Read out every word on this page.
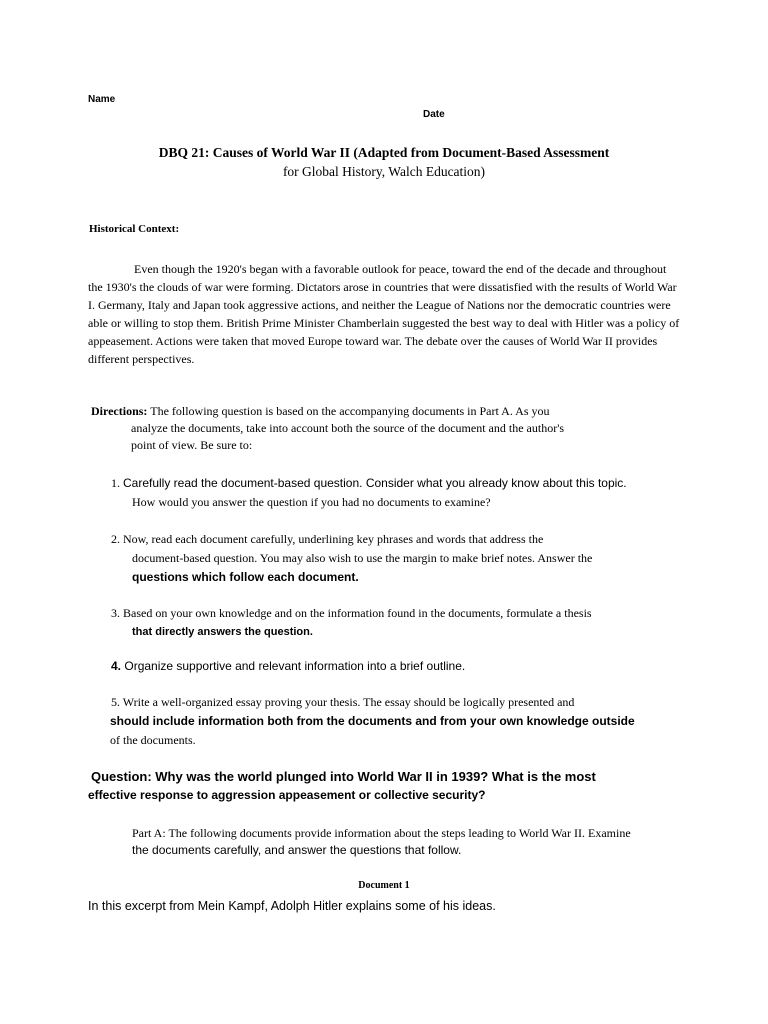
Name
Date
DBQ 21: Causes of World War II (Adapted from Document-Based Assessment
for Global History, Walch Education)
Historical Context:

Even though the 1920's began with a favorable outlook for peace, toward the end of the decade and throughout the 1930's the clouds of war were forming. Dictators arose in countries that were dissatisfied with the results of World War I. Germany, Italy and Japan took aggressive actions, and neither the League of Nations nor the democratic countries were able or willing to stop them. British Prime Minister Chamberlain suggested the best way to deal with Hitler was a policy of appeasement. Actions were taken that moved Europe toward war. The debate over the causes of World War II provides different perspectives.

Directions: The following question is based on the accompanying documents in Part A. As you
analyze the documents, take into account both the source of the document and the author's
point of view. Be sure to:
1. Carefully read the document-based question. Consider what you already know about this topic.
How would you answer the question if you had no documents to examine?
2. Now, read each document carefully, underlining key phrases and words that address the
document-based question. You may also wish to use the margin to make brief notes. Answer the
questions which follow each document.
3. Based on your own knowledge and on the information found in the documents, formulate a thesis
that directly answers the question.
4. Organize supportive and relevant information into a brief outline.
5. Write a well-organized essay proving your thesis. The essay should be logically presented and
should include information both from the documents and from your own knowledge outside
of the documents.
Question: Why was the world plunged into World War II in 1939? What is the most
effective response to aggression appeasement or collective security?
Part A: The following documents provide information about the steps leading to World War II. Examine
the documents carefully, and answer the questions that follow.
Document 1
In this excerpt from Mein Kampf, Adolph Hitler explains some of his ideas.
